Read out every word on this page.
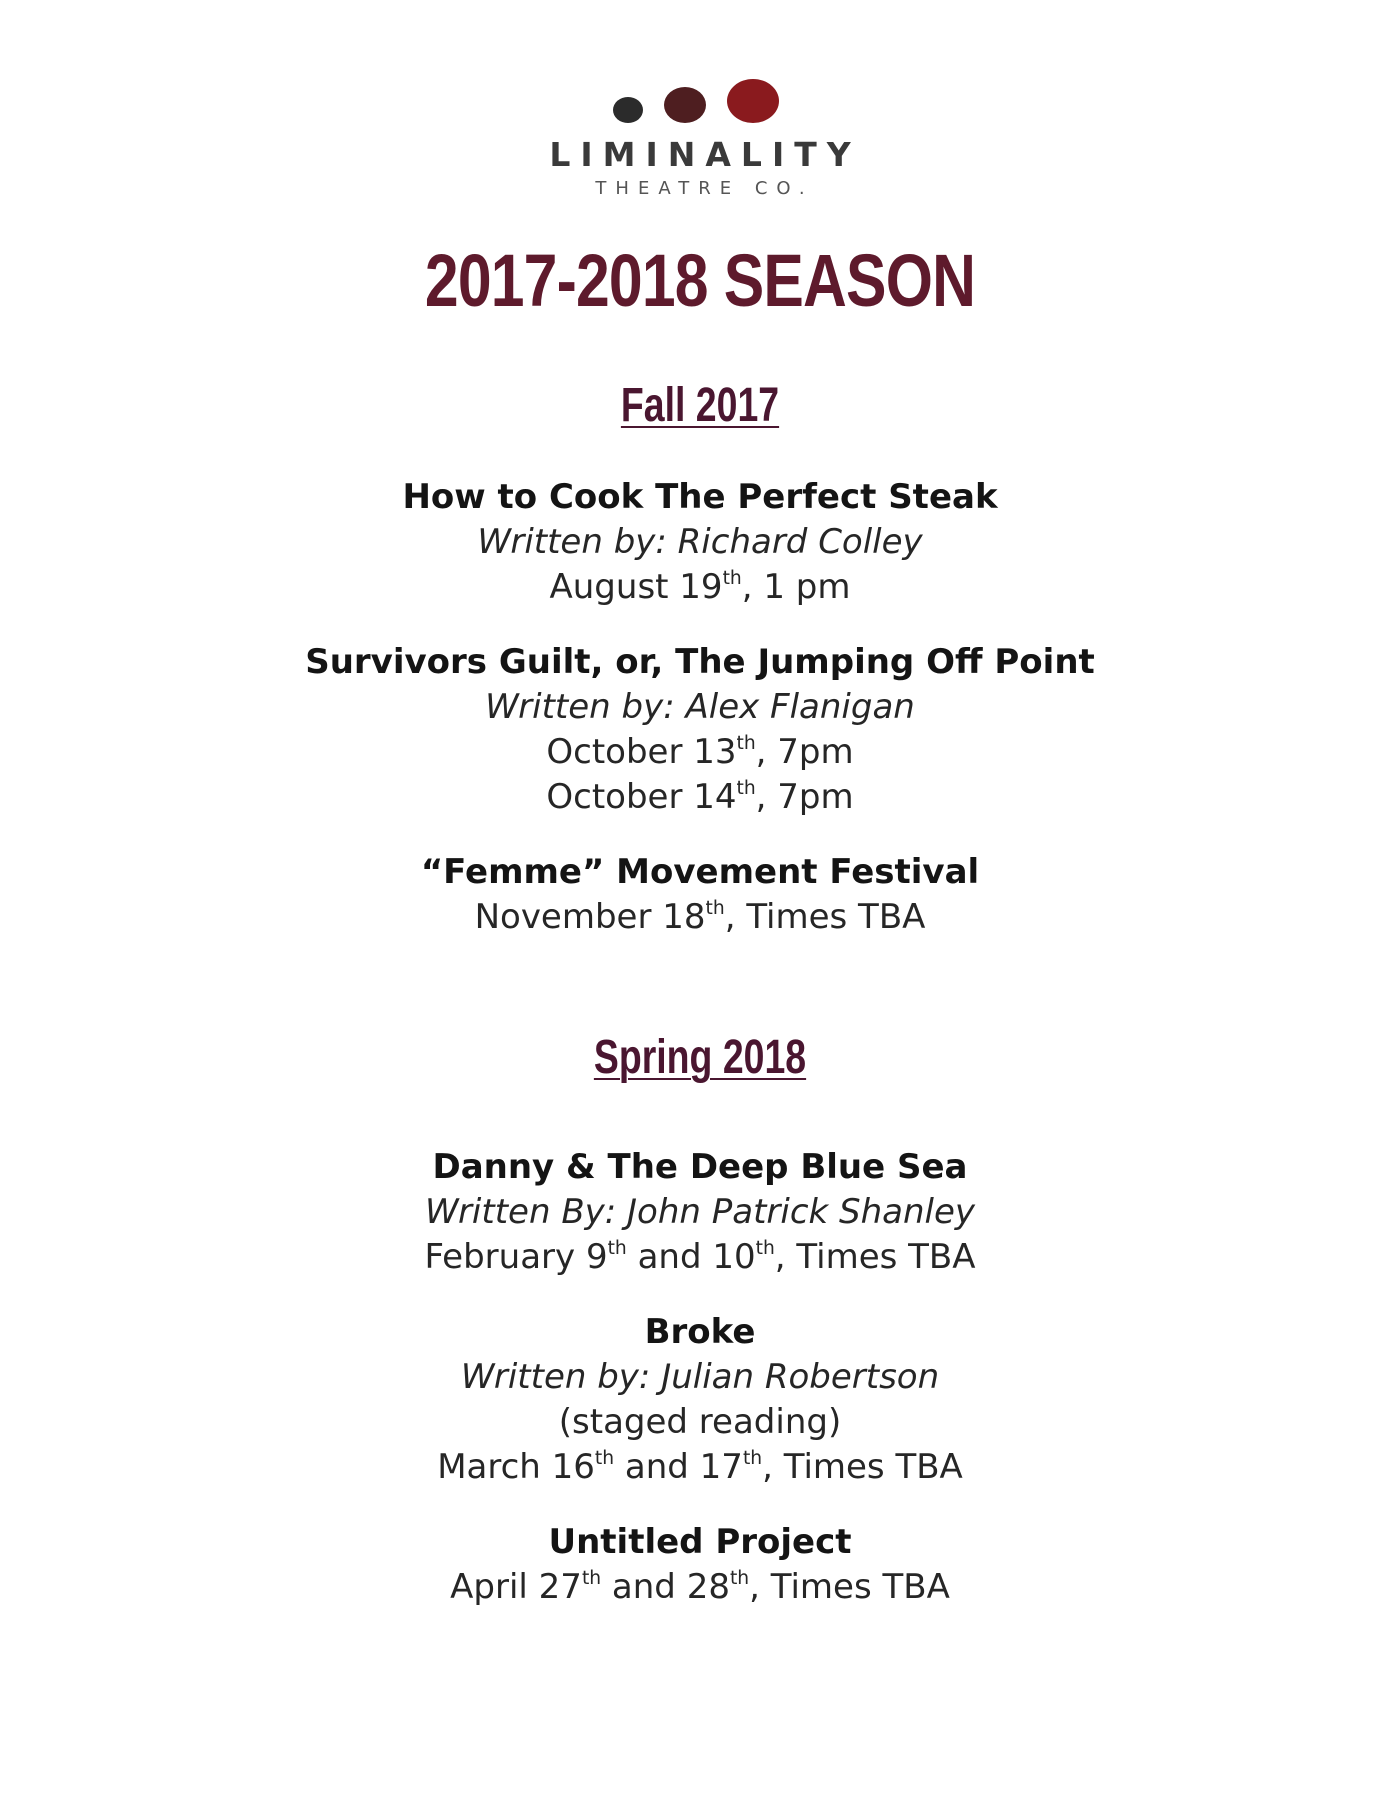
LIMINALITY
THEATRE CO.
2017-2018 SEASON
Fall 2017
How to Cook The Perfect Steak
Written by: Richard Colley
August 19th, 1 pm
Survivors Guilt, or, The Jumping Off Point
Written by: Alex Flanigan
October 13th, 7pm
October 14th, 7pm
“Femme” Movement Festival
November 18th, Times TBA
Spring 2018
Danny & The Deep Blue Sea
Written By: John Patrick Shanley
February 9th and 10th, Times TBA
Broke
Written by: Julian Robertson
(staged reading)
March 16th and 17th, Times TBA
Untitled Project
April 27th and 28th, Times TBA
